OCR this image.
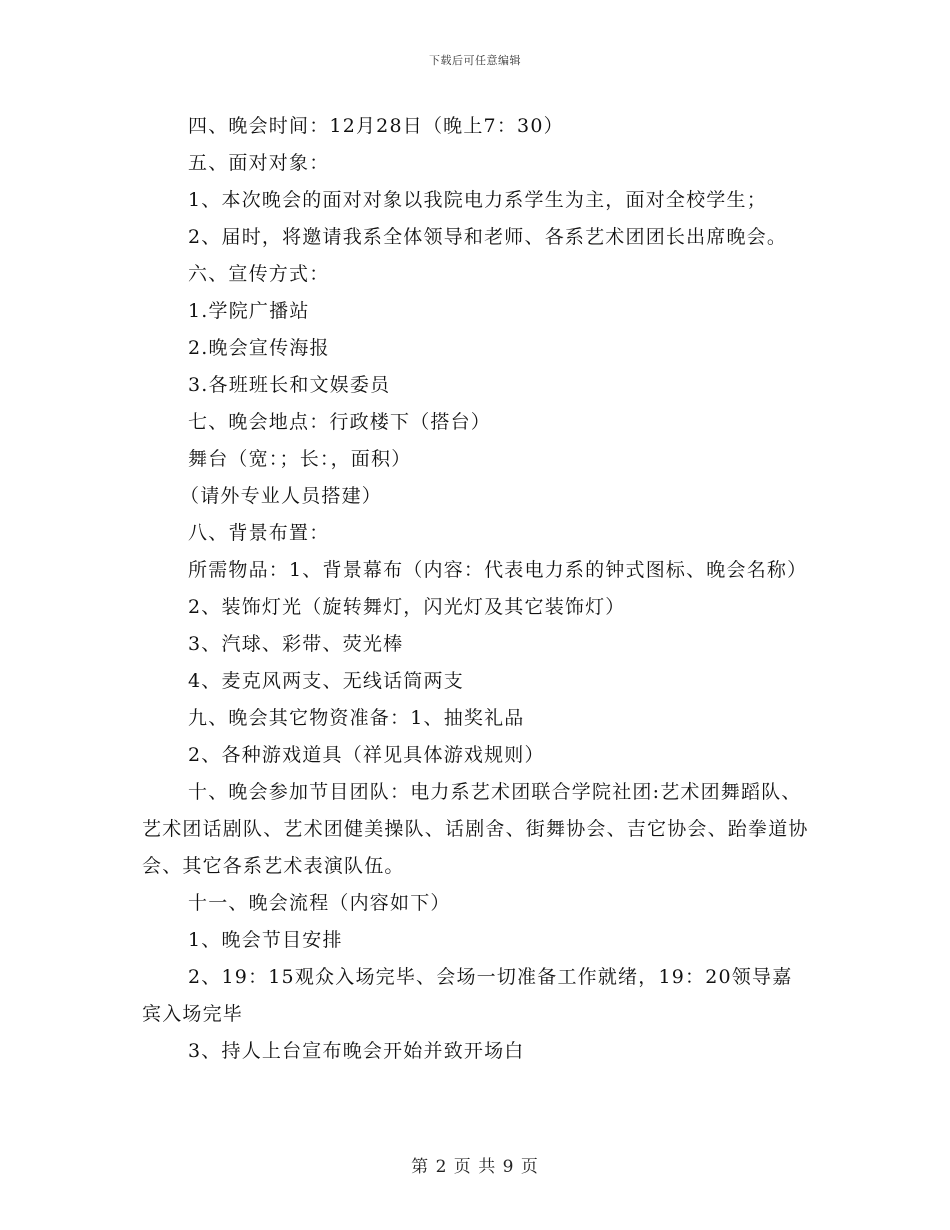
下载后可任意编辑

四、晚会时间：12月28日（晚上7：30）

五、面对对象：

1、本次晚会的面对对象以我院电力系学生为主，面对全校学生；

2、届时，将邀请我系全体领导和老师、各系艺术团团长出席晚会。

六、宣传方式：

1.学院广播站

2.晚会宣传海报

3.各班班长和文娱委员

七、晚会地点：行政楼下（搭台）

舞台（宽：；长：，面积）

（请外专业人员搭建）

八、背景布置：

所需物品：1、背景幕布（内容：代表电力系的钟式图标、晚会名称）

2、装饰灯光（旋转舞灯，闪光灯及其它装饰灯）

3、汽球、彩带、荧光棒

4、麦克风两支、无线话筒两支

九、晚会其它物资准备：1、抽奖礼品

2、各种游戏道具（祥见具体游戏规则）

十、晚会参加节目团队：电力系艺术团联合学院社团:艺术团舞蹈队、艺术团话剧队、艺术团健美操队、话剧舍、街舞协会、吉它协会、跆拳道协会、其它各系艺术表演队伍。

十一、晚会流程（内容如下）

1、晚会节目安排

2、19：15观众入场完毕、会场一切准备工作就绪，19：20领导嘉宾入场完毕

3、持人上台宣布晚会开始并致开场白

第 2 页 共 9 页
